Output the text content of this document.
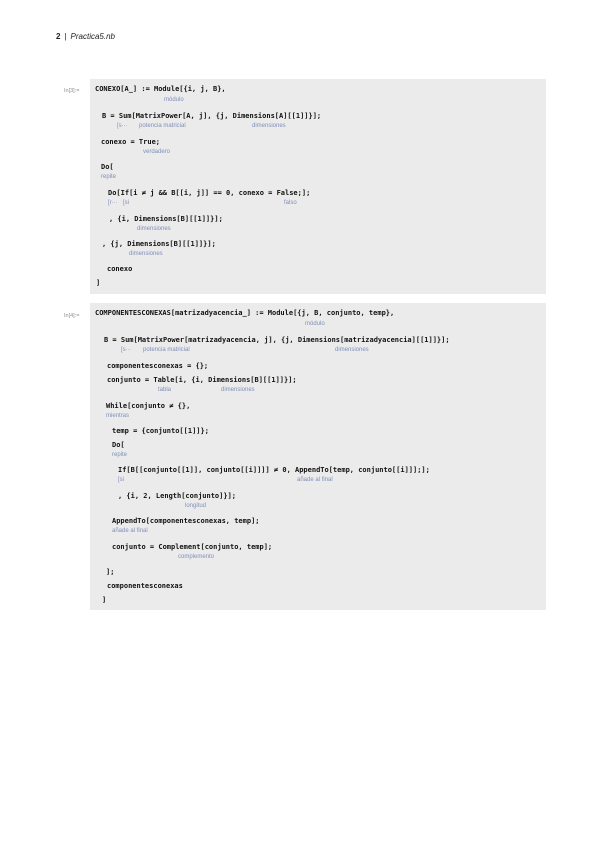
2 | Practica5.nb
In[3]:= CONEXO[A_] := Module[{i, j, B},
módulo
B = Sum[MatrixPower[A, j], {j, Dimensions[A][[1]]}];
[s··· potencia matricial	dimensiones
conexo = True;
verdadero
Do[
repite
Do[If[i ≠ j && B[[i, j]] == 0, conexo = False;];
[r··· [si	falso
, {i, Dimensions[B][[1]]}];
dimensiones
, {j, Dimensions[B][[1]]}];
dimensiones
conexo
]
In[4]:= COMPONENTESCONEXAS[matrizadyacencia_] := Module[{j, B, conjunto, temp},
módulo
B = Sum[MatrixPower[matrizadyacencia, j], {j, Dimensions[matrizadyacencia][[1]]}];
[s··· potencia matricial	dimensiones
componentesconexas = {};
conjunto = Table[i, {i, Dimensions[B][[1]]}];
tabla	dimensiones
While[conjunto ≠ {},
mientras
temp = {conjunto[[1]]};
Do[
repite
If[B[[conjunto[[1]], conjunto[[i]]]] ≠ 0, AppendTo[temp, conjunto[[i]]];];
[si	añade al final
, {i, 2, Length[conjunto]}];
longitud
AppendTo[componentesconexas, temp];
añade al final
conjunto = Complement[conjunto, temp];
complemento
];
componentesconexas
]
